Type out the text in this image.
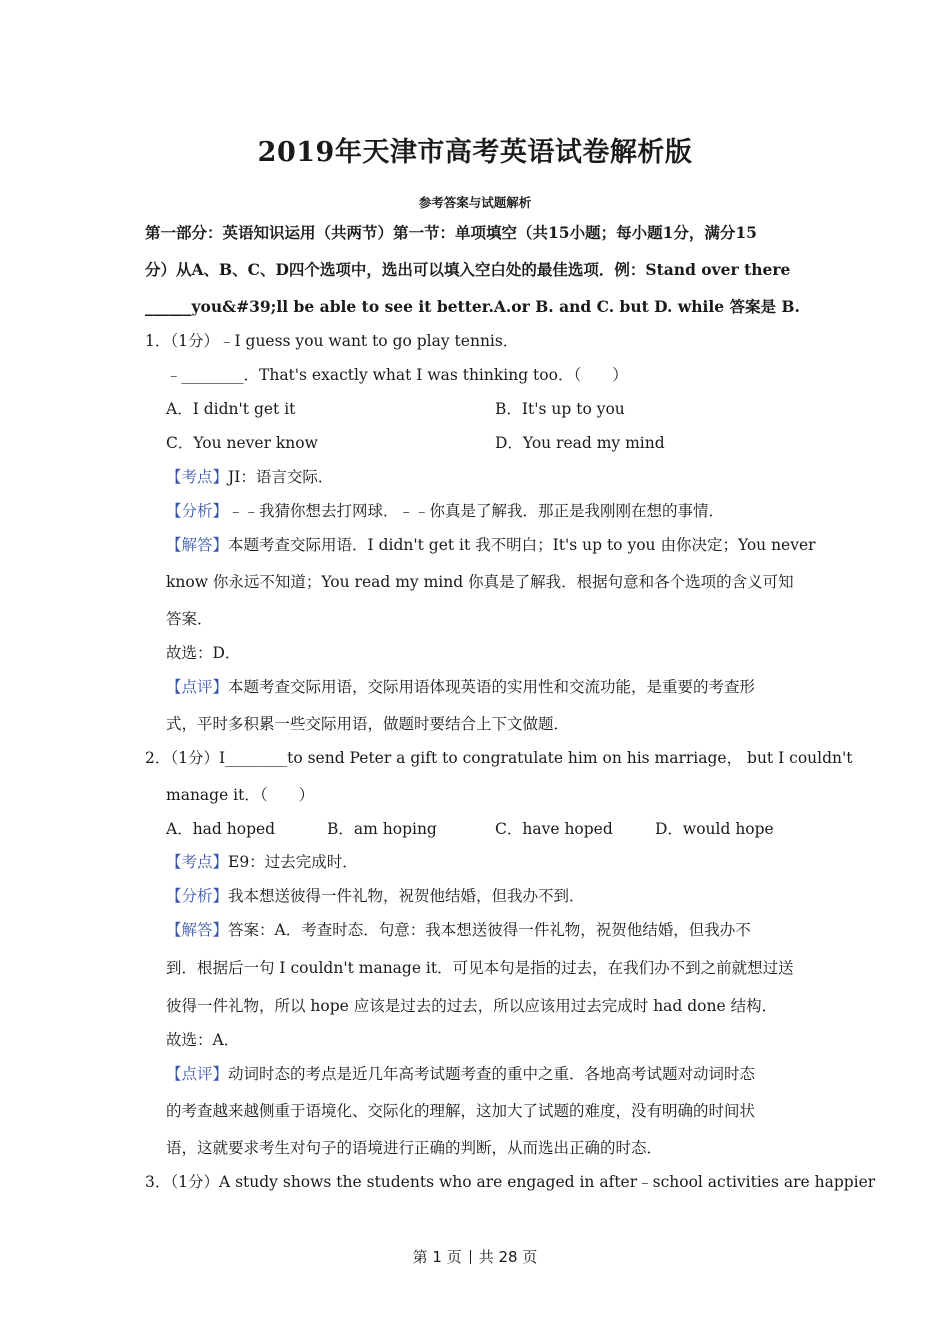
2019年天津市高考英语试卷解析版
参考答案与试题解析
第一部分：英语知识运用（共两节）第一节：单项填空（共15小题；每小题1分，满分15
分）从A、B、C、D四个选项中，选出可以填入空白处的最佳选项．例：Stand over there
______you&#39;ll be able to see it better.A.or B. and C. but D. while 答案是 B.
1．（1分）﹣I guess you want to go play tennis．
﹣________．That's exactly what I was thinking too．（　　）
A．I didn't get it	B．It's up to you
C．You never know	D．You read my mind
【考点】JI：语言交际．
【分析】﹣﹣我猜你想去打网球．﹣﹣你真是了解我．那正是我刚刚在想的事情．
【解答】本题考查交际用语．I didn't get it 我不明白；It's up to you 由你决定；You never
know 你永远不知道；You read my mind 你真是了解我．根据句意和各个选项的含义可知
答案．
故选：D．
【点评】本题考查交际用语，交际用语体现英语的实用性和交流功能，是重要的考查形
式，平时多积累一些交际用语，做题时要结合上下文做题．
2．（1分）I________to send Peter a gift to congratulate him on his marriage， but I couldn't
manage it．（　　）
A．had hoped	B．am hoping	C．have hoped	D．would hope
【考点】E9：过去完成时．
【分析】我本想送彼得一件礼物，祝贺他结婚，但我办不到．
【解答】答案：A．考查时态．句意：我本想送彼得一件礼物，祝贺他结婚，但我办不
到．根据后一句 I couldn't manage it．可见本句是指的过去，在我们办不到之前就想过送
彼得一件礼物，所以 hope 应该是过去的过去，所以应该用过去完成时 had done 结构．
故选：A．
【点评】动词时态的考点是近几年高考试题考查的重中之重．各地高考试题对动词时态
的考查越来越侧重于语境化、交际化的理解，这加大了试题的难度，没有明确的时间状
语，这就要求考生对句子的语境进行正确的判断，从而选出正确的时态．
3．（1分）A study shows the students who are engaged in after﹣school activities are happier
第 1 页 共 28 页
